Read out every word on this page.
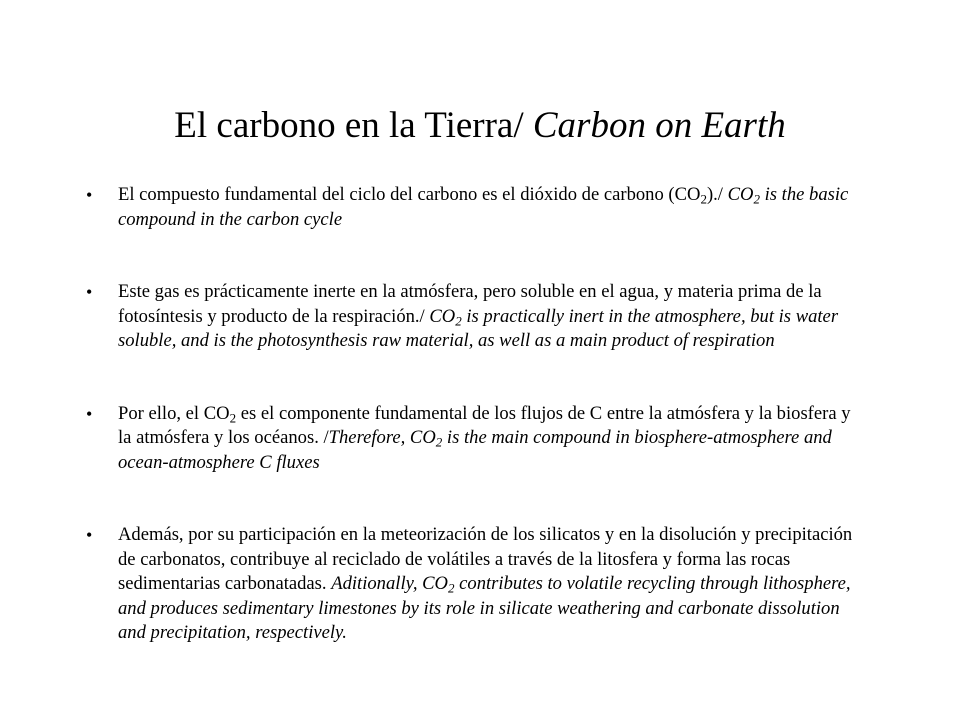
El carbono en la Tierra/ Carbon on Earth
• El compuesto fundamental del ciclo del carbono es el dióxido de carbono $(CO_2)./$ $CO_2$ is the basic compound in the carbon cycle
• Este gas es prácticamente inerte en la atmósfera, pero soluble en el agua, y materia prima de la fotosíntesis y producto de la respiración./ $CO_2$ is practically inert in the atmosphere, but is water soluble, and is the photosynthesis raw material, as well as a main product of respiration
• Por ello, el $CO_2$ es el componente fundamental de los flujos de C entre la atmósfera y la biosfera y la atmósfera y los océanos. /Therefore, $CO_2$ is the main compound in biosphere-atmosphere and ocean-atmosphere C fluxes
• Además, por su participación en la meteorización de los silicatos y en la disolución y precipitación de carbonatos, contribuye al reciclado de volátiles a través de la litosfera y forma las rocas sedimentarias carbonatadas. Aditionally, $CO_2$ contributes to volatile recycling through lithosphere, and produces sedimentary limestones by its role in silicate weathering and carbonate dissolution and precipitation, respectively.
